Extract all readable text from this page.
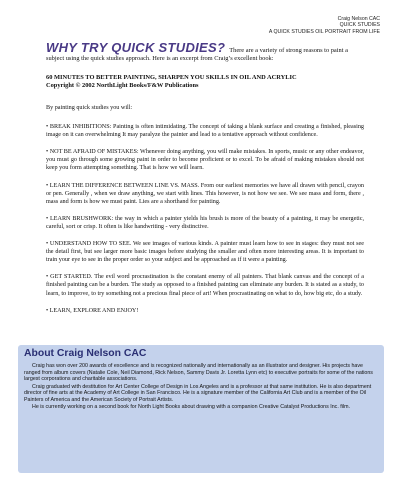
Craig Nelson CAC
QUICK STUDIES
A QUICK STUDIES OIL PORTRAIT FROM LIFE
WHY TRY QUICK STUDIES? There are a variety of strong reasons to paint a subject using the quick studies approach. Here is an excerpt from Craig’s excellent book:
60 MINUTES TO BETTER PAINTING, SHARPEN YOU SKILLS IN OIL AND ACRYLIC
Copyright © 2002 NorthLight Books/F&W Publications

By painting quick studies you will:

• BREAK INHIBITIONS: Painting is often intimidating. The concept of taking a blank surface and creating a finished, pleasing image on it can overwhelming It may paralyze the painter and lead to a tentative approach without confidence.

• NOT BE AFRAID OF MISTAKES: Whenever doing anything, you will make mistakes. In sports, music or any other endeavor, you must go through some growing paint in order to become proficient or to excel. To be afraid of making mistakes should not keep you form attempting something. That is how we will learn.

• LEARN THE DIFFERENCE BETWEEN LINE VS. MASS. From our earliest memories we have all drawn with pencil, crayon or pen. Generally , when we draw anything, we start with lines. This however, is not how we see. We see mass and form, there , mass and form is how we must paint. Lies are a shorthand for painting.

• LEARN BRUSHWORK: the way in which a painter yields his brush is more of the beauty of a painting, it may be energetic, careful, sort or crisp. It often is like handwriting - very distinctive.

• UNDERSTAND HOW TO SEE. We see images of various kinds. A painter must learn how to see in stages: they must not see the detail first, but see larger more basic images before studying the smaller and often more interesting areas. It is important to train your eye to see in the proper order so your subject and be approached as if it were a painting.

• GET STARTED. The evil word procrastination is the constant enemy of all painters. That blank canvas and the concept of a finished painting can be a burden. The study as opposed to a finished painting can eliminate any burden. It is stated as a study, to learn, to improve, to try something not a precious final piece of art! When procrastinating on what to do, how big etc, do a study.

• LEARN, EXPLORE AND ENJOY!

About Craig Nelson CAC

Craig has won over 200 awards of excellence and is recognized nationally and internationally as an illustrator and designer. His projects have ranged from album covers (Natalie Cole, Neil Diamond, Rick Nelson, Sammy Davis Jr. Loretta Lynn etc) to executive portraits for some of the nations largest corporations and charitable associations.

Craig graduated with destitution for Art Center College of Design in Los Angeles and is a professor at that same institution. He is also department director of fine arts at the Academy of Art College in San Francisco. He is a signature member of the California Art Club and is a member of the Oil Painters of America and the American Society of Portrait Artists.

He is currently working on a second book for North Light Books about drawing with a companion Creative Catalyst Productions Inc. film.
